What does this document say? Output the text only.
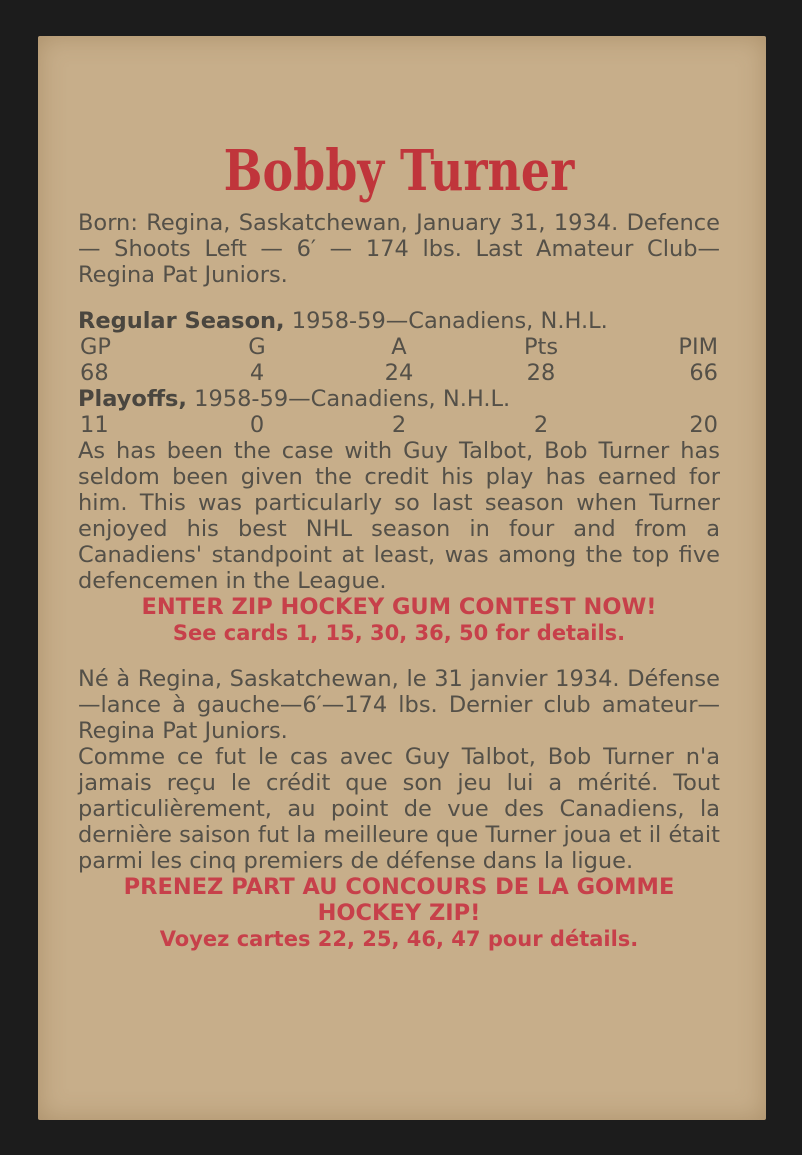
Bobby Turner
Born: Regina, Saskatchewan, January 31, 1934. Defence — Shoots Left — 6′ — 174 lbs. Last Amateur Club—Regina Pat Juniors.
Regular Season, 1958-59—Canadiens, N.H.L.
GP	G	A	Pts	PIM
68	4	24	28	66
Playoffs, 1958-59—Canadiens, N.H.L.
11	0	2	2	20
As has been the case with Guy Talbot, Bob Turner has seldom been given the credit his play has earned for him. This was particularly so last season when Turner enjoyed his best NHL season in four and from a Canadiens' standpoint at least, was among the top five defencemen in the League.
ENTER ZIP HOCKEY GUM CONTEST NOW!
See cards 1, 15, 30, 36, 50 for details.
Né à Regina, Saskatchewan, le 31 janvier 1934. Défense—lance à gauche—6′—174 lbs. Dernier club amateur—Regina Pat Juniors.
Comme ce fut le cas avec Guy Talbot, Bob Turner n'a jamais reçu le crédit que son jeu lui a mérité. Tout particulièrement, au point de vue des Canadiens, la dernière saison fut la meilleure que Turner joua et il était parmi les cinq premiers de défense dans la ligue.
PRENEZ PART AU CONCOURS DE LA GOMME
HOCKEY ZIP!
Voyez cartes 22, 25, 46, 47 pour détails.
